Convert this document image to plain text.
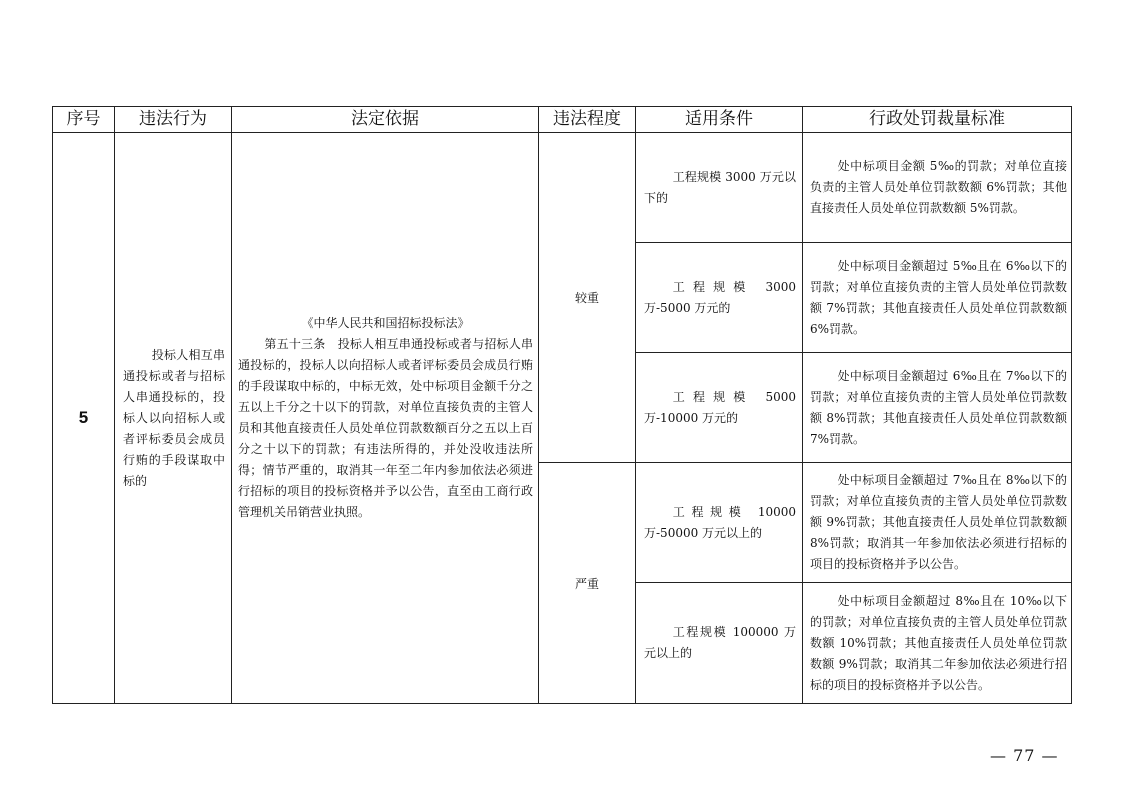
序号	违法行为	法定依据	违法程度	适用条件	行政处罚裁量标准
5	投标人相互串通投标或者与招标人串通投标的，投标人以向招标人或者评标委员会成员行贿的手段谋取中标的	《中华人民共和国招标投标法》
第五十三条　投标人相互串通投标或者与招标人串通投标的，投标人以向招标人或者评标委员会成员行贿的手段谋取中标的，中标无效，处中标项目金额千分之五以上千分之十以下的罚款，对单位直接负责的主管人员和其他直接责任人员处单位罚款数额百分之五以上百分之十以下的罚款；有违法所得的，并处没收违法所得；情节严重的，取消其一年至二年内参加依法必须进行招标的项目的投标资格并予以公告，直至由工商行政管理机关吊销营业执照。	较重	工程规模 3000 万元以下的	处中标项目金额 5‰的罚款；对单位直接负责的主管人员处单位罚款数额 6%罚款；其他直接责任人员处单位罚款数额 5%罚款。

				工程规模 3000 万-5000 万元的	处中标项目金额超过 5‰且在 6‰以下的罚款；对单位直接负责的主管人员处单位罚款数额 7%罚款；其他直接责任人员处单位罚款数额 6%罚款。

				工程规模 5000 万-10000 万元的	处中标项目金额超过 6‰且在 7‰以下的罚款；对单位直接负责的主管人员处单位罚款数额 8%罚款；其他直接责任人员处单位罚款数额 7%罚款。

			严重	工程规模 10000 万-50000 万元以上的	处中标项目金额超过 7‰且在 8‰以下的罚款；对单位直接负责的主管人员处单位罚款数额 9%罚款；其他直接责任人员处单位罚款数额 8%罚款；取消其一年参加依法必须进行招标的项目的投标资格并予以公告。

				工程规模 100000 万元以上的	处中标项目金额超过 8‰且在 10‰以下的罚款；对单位直接负责的主管人员处单位罚款数额 10%罚款；其他直接责任人员处单位罚款数额 9%罚款；取消其二年参加依法必须进行招标的项目的投标资格并予以公告。
— 77 —
